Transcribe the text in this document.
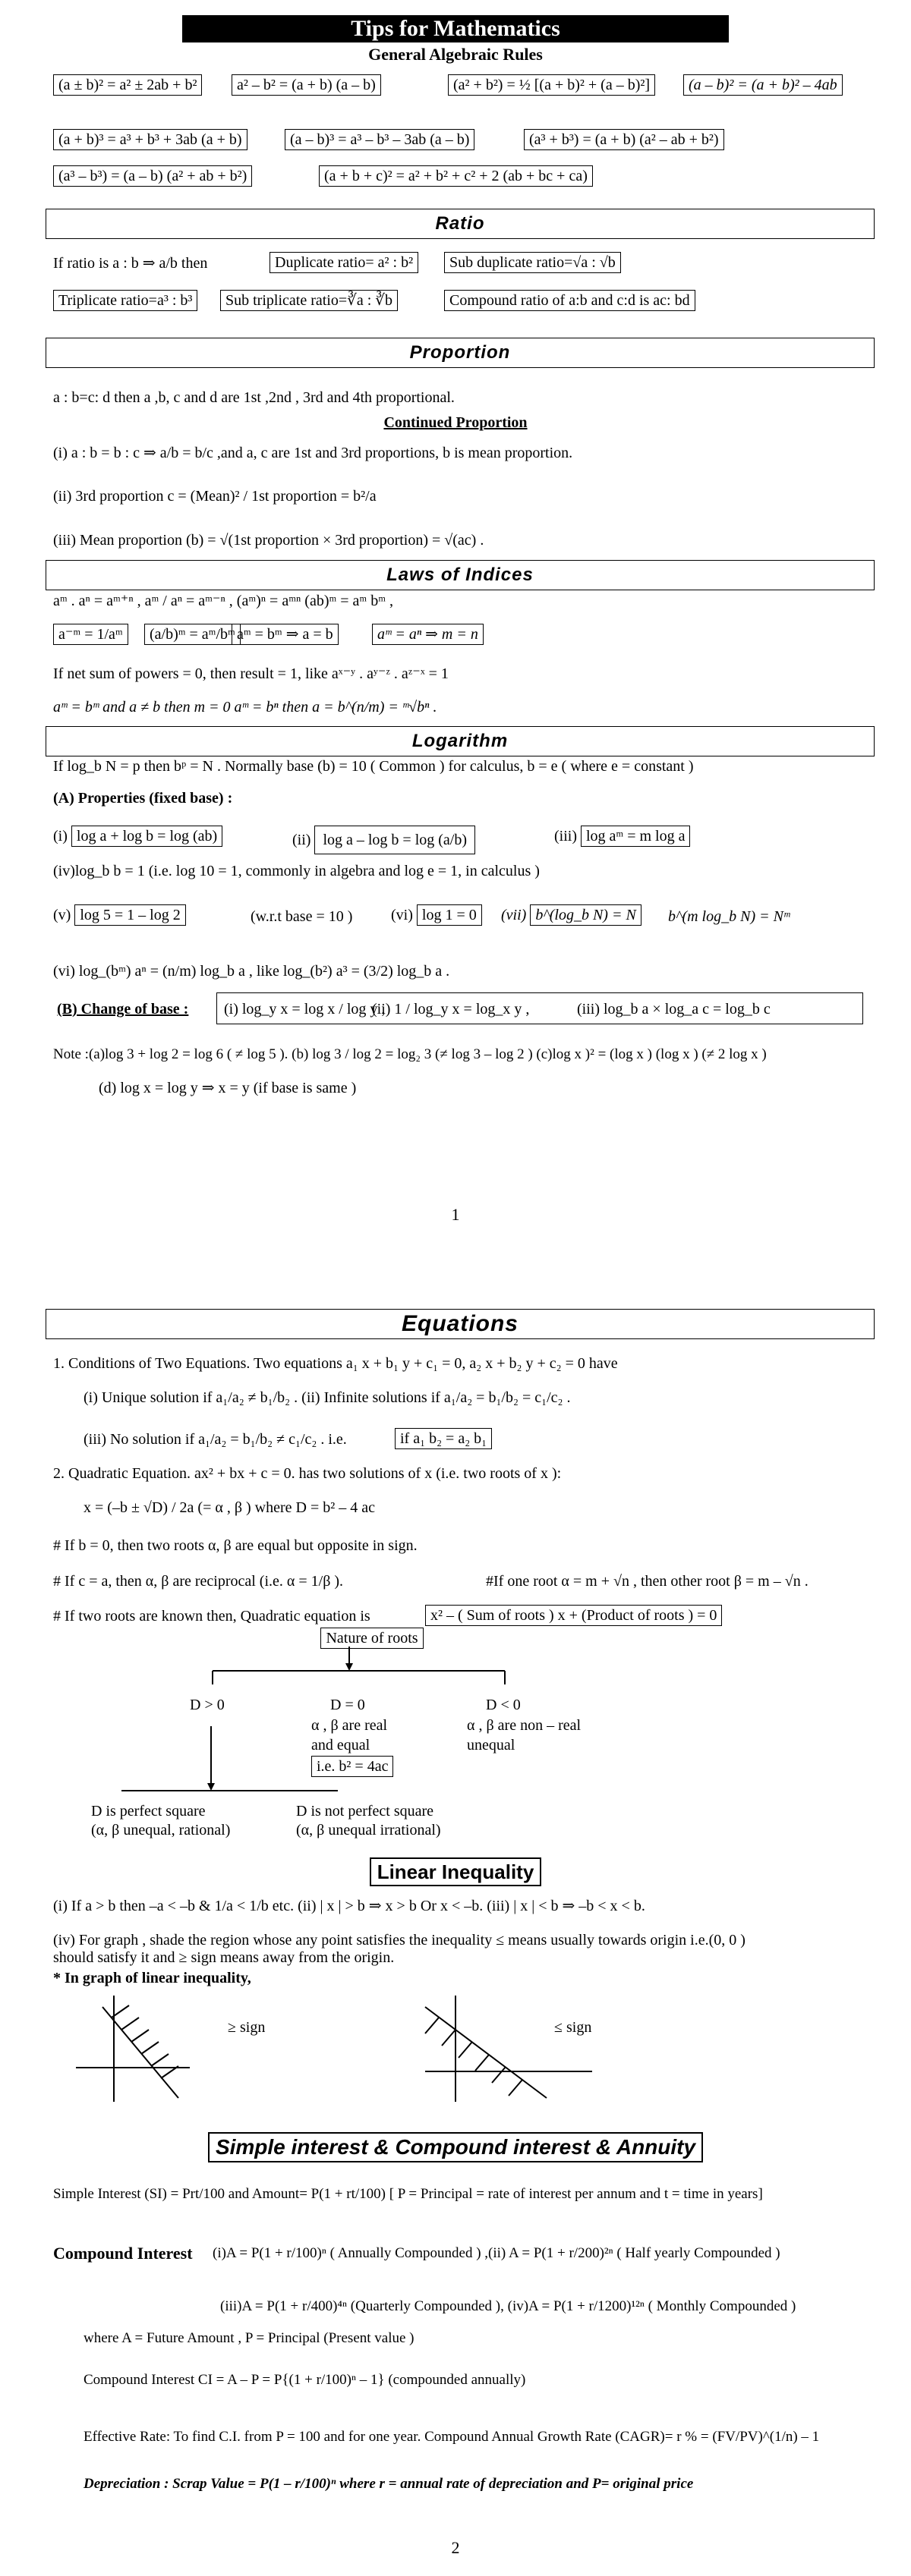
Tips for Mathematics
General Algebraic Rules
(a ± b)² = a² ± 2ab + b²	a² – b² = (a + b) (a – b)	(a² + b²) = ½ [(a + b)² + (a – b)²]	(a – b)² = (a + b)² – 4ab
(a + b)³ = a³ + b³ + 3ab (a + b)	(a – b)³ = a³ – b³ – 3ab (a – b)	(a³ + b³) = (a + b) (a² – ab + b²)
(a³ – b³) = (a – b) (a² + ab + b²)	(a + b + c)² = a² + b² + c² + 2 (ab + bc + ca)
Ratio
If ratio is a : b ⇒ a/b then	Duplicate ratio= a² : b²	Sub duplicate ratio=√a : √b
Triplicate ratio=a³ : b³	Sub triplicate ratio=∛a : ∛b	Compound ratio of a:b and c:d is ac: bd
Proportion
a : b=c: d then a ,b, c and d are 1st ,2nd , 3rd and 4th proportional.
Continued Proportion
(i) a : b = b : c ⇒ a/b = b/c ,and a, c are 1st and 3rd proportions, b is mean proportion.
(ii) 3rd proportion c = (Mean)² / 1st proportion = b²/a
(iii) Mean proportion (b) = √(1st proportion × 3rd proportion) = √(ac) .
Laws of Indices
aᵐ . aⁿ = aᵐ⁺ⁿ , aᵐ / aⁿ = aᵐ⁻ⁿ , (aᵐ)ⁿ = aᵐⁿ (ab)ᵐ = aᵐ bᵐ ,
a⁻ᵐ = 1/aᵐ	(a/b)ᵐ = aᵐ/bᵐ aᵐ = bᵐ ⇒ a = b	aᵐ = aⁿ ⇒ m = n
If net sum of powers = 0, then result = 1, like aˣ⁻ʸ . aʸ⁻ᶻ . aᶻ⁻ˣ = 1
aᵐ = bᵐ and a ≠ b then m = 0 aᵐ = bⁿ then a = b^(n/m) = ᵐ√bⁿ .
Logarithm
If log_b N = p then bᵖ = N . Normally base (b) = 10 ( Common ) for calculus, b = e ( where e = constant )
(A) Properties (fixed base) :
(i) log a + log b = log (ab)	(ii) log a – log b = log (a/b)	(iii) log aᵐ = m log a
(iv)log_b b = 1 (i.e. log 10 = 1, commonly in algebra and log e = 1, in calculus )
(v) log 5 = 1 – log 2	(w.r.t base = 10 )	(vi) log 1 = 0	(vii) b^(log_b N) = N	b^(m log_b N) = Nᵐ
(vi) log_(bᵐ) aⁿ = (n/m) log_b a , like log_(b²) a³ = (3/2) log_b a .
(B) Change of base : (i) log_y x = log x / log y ,
(ii) 1 / log_y x = log_x y ,	(iii) log_b a × log_a c = log_b c
Note :(a)log 3 + log 2 = log 6 ( ≠ log 5 ). (b) log 3 / log 2 = log₂ 3 (≠ log 3 – log 2 ) (c)log x )² = (log x ) (log x ) (≠ 2 log x )
(d) log x = log y ⇒ x = y (if base is same )
1
Equations
1. Conditions of Two Equations. Two equations a₁ x + b₁ y + c₁ = 0, a₂ x + b₂ y + c₂ = 0 have
(i) Unique solution if a₁/a₂ ≠ b₁/b₂ . (ii) Infinite solutions if a₁/a₂ = b₁/b₂ = c₁/c₂ .
(iii) No solution if a₁/a₂ = b₁/b₂ ≠ c₁/c₂ . i.e.	if a₁ b₂ = a₂ b₁
2. Quadratic Equation. ax² + bx + c = 0. has two solutions of x (i.e. two roots of x ):
x = (–b ± √D) / 2a (= α , β ) where D = b² – 4 ac
# If b = 0, then two roots α, β are equal but opposite in sign.
# If c = a, then α, β are reciprocal (i.e. α = 1/β ).	#If one root α = m + √n , then other root β = m – √n .
# If two roots are known then, Quadratic equation is	x² – ( Sum of roots ) x + (Product of roots ) = 0
Nature of roots
D > 0	D = 0	D < 0
α , β are real
and equal
i.e. b² = 4ac
α , β are non – real
unequal
D is perfect square
(α, β unequal, rational)
D is not perfect square
(α, β unequal irrational)
Linear Inequality
(i) If a > b then –a < –b & 1/a < 1/b etc. (ii) | x | > b ⇒ x > b Or x < –b. (iii) | x | < b ⇒ –b < x < b.
(iv) For graph , shade the region whose any point satisfies the inequality ≤ means usually towards origin i.e.(0, 0 )
should satisfy it and ≥ sign means away from the origin.
* In graph of linear inequality,
≥ sign	≤ sign
Simple interest & Compound interest & Annuity
Simple Interest (SI) = Prt/100 and Amount= P(1 + rt/100) [ P = Principal = rate of interest per annum and t = time in years]
Compound Interest (i)A = P(1 + r/100)ⁿ ( Annually Compounded ) ,(ii) A = P(1 + r/200)²ⁿ ( Half yearly Compounded )
(iii)A = P(1 + r/400)⁴ⁿ (Quarterly Compounded ), (iv)A = P(1 + r/1200)¹²ⁿ ( Monthly Compounded )
where A = Future Amount , P = Principal (Present value )
Compound Interest CI = A – P = P{(1 + r/100)ⁿ – 1} (compounded annually)
Effective Rate: To find C.I. from P = 100 and for one year. Compound Annual Growth Rate (CAGR)= r % = (FV/PV)^(1/n) – 1
Depreciation : Scrap Value = P(1 – r/100)ⁿ where r = annual rate of depreciation and P= original price
2
